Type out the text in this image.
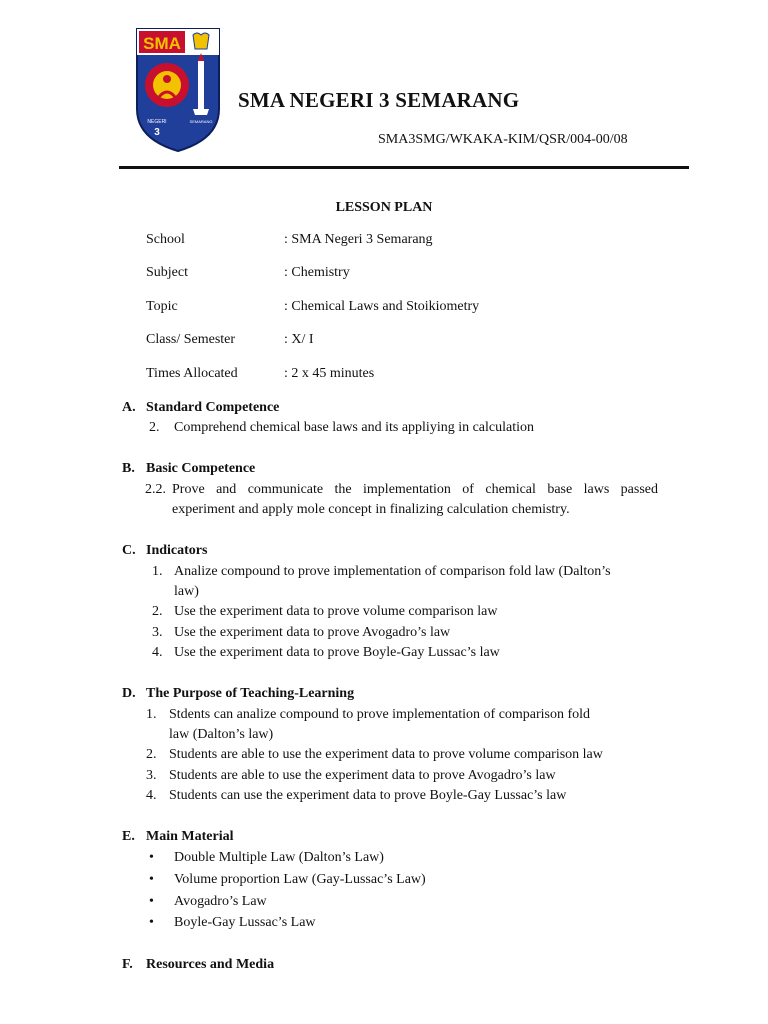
SMA
NEGERI
3
SEMARANG
SMA NEGERI 3 SEMARANG
SMA3SMG/WKAKA-KIM/QSR/004-00/08
LESSON PLAN
School	: SMA Negeri 3 Semarang
Subject	: Chemistry
Topic	: Chemical Laws and Stoikiometry
Class/ Semester	: X/ I
Times Allocated	: 2 x 45 minutes
A. Standard Competence
2. Comprehend chemical base laws and its appliying in calculation
B. Basic Competence
2.2. Prove and communicate the implementation of chemical base laws passed
experiment and apply mole concept in finalizing calculation chemistry.
C. Indicators
1. Analize compound to prove implementation of comparison fold law (Dalton’s
law)
2. Use the experiment data to prove volume comparison law
3. Use the experiment data to prove Avogadro’s law
4. Use the experiment data to prove Boyle-Gay Lussac’s law
D. The Purpose of Teaching-Learning
1. Stdents can analize compound to prove implementation of comparison fold
law (Dalton’s law)
2. Students are able to use the experiment data to prove volume comparison law
3. Students are able to use the experiment data to prove Avogadro’s law
4. Students can use the experiment data to prove Boyle-Gay Lussac’s law
E. Main Material
• Double Multiple Law (Dalton’s Law)
• Volume proportion Law (Gay-Lussac’s Law)
• Avogadro’s Law
• Boyle-Gay Lussac’s Law
F. Resources and Media
